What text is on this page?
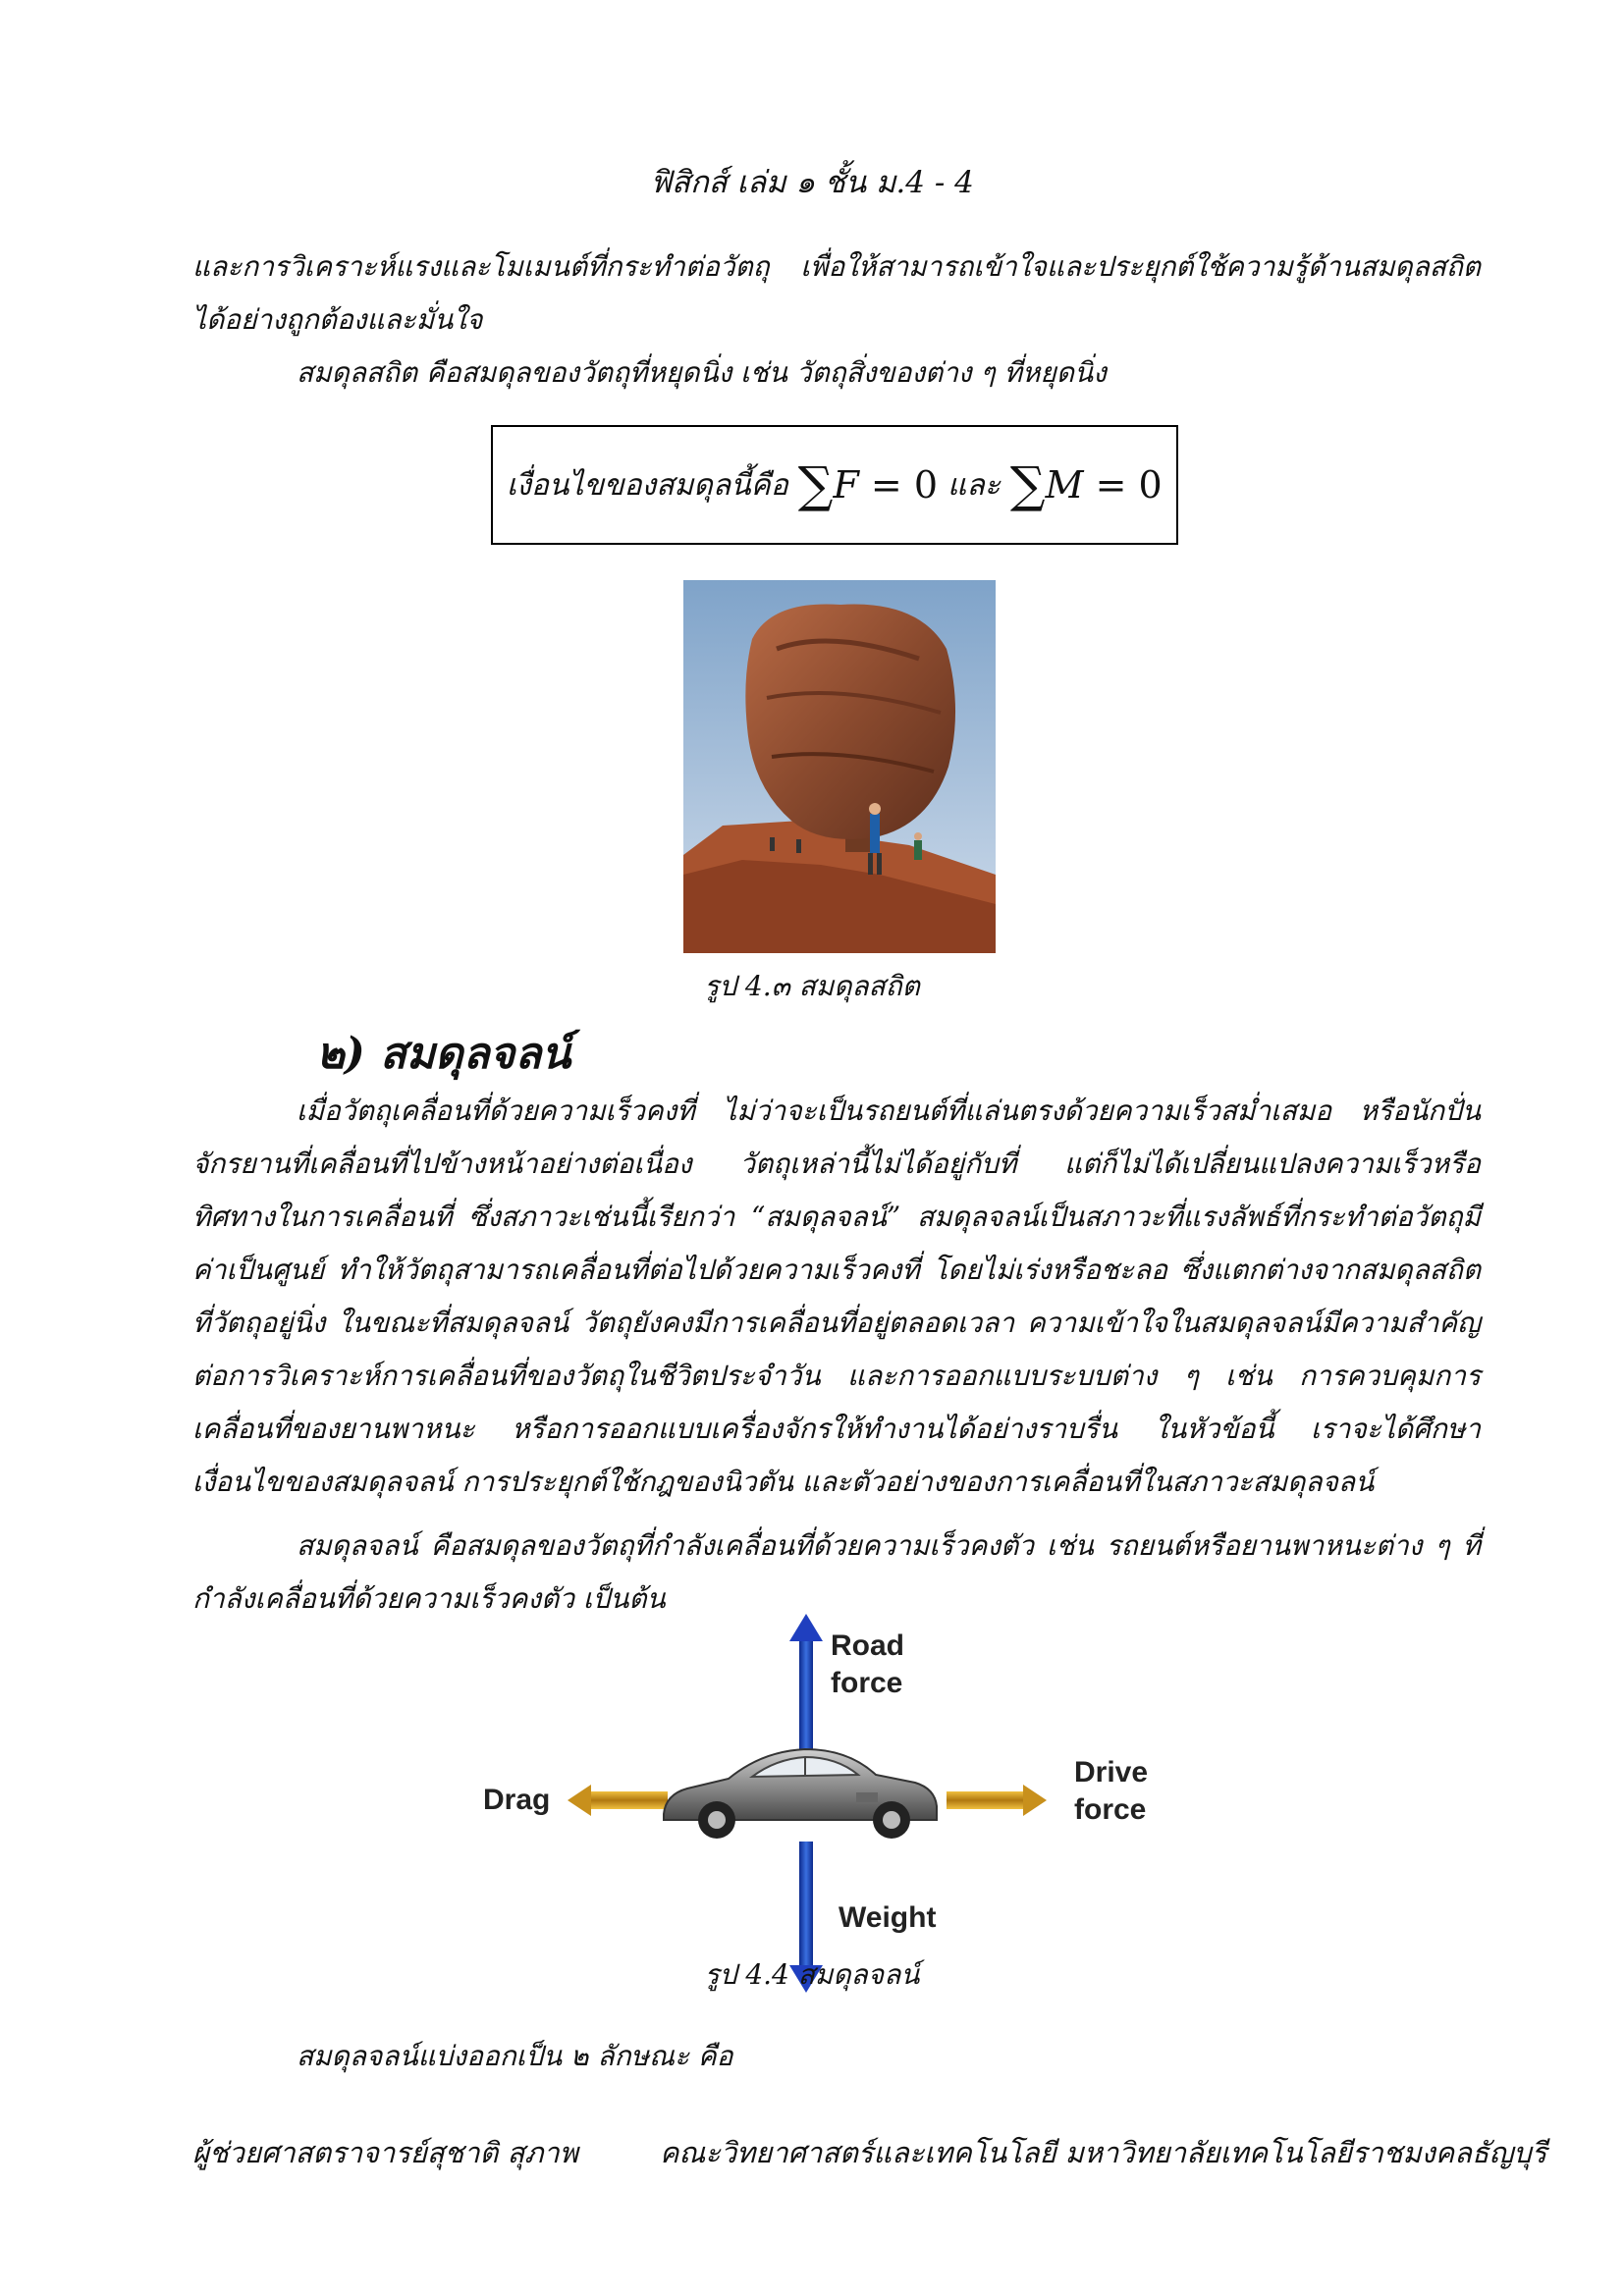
ฟิสิกส์ เล่ม ๑ ชั้น ม.4 - 4

และการวิเคราะห์แรงและโมเมนต์ที่กระทำต่อวัตถุ เพื่อให้สามารถเข้าใจและประยุกต์ใช้ความรู้ด้านสมดุลสถิตได้อย่างถูกต้องและมั่นใจ

สมดุลสถิต คือสมดุลของวัตถุที่หยุดนิ่ง เช่น วัตถุสิ่งของต่าง ๆ ที่หยุดนิ่ง

เงื่อนไขของสมดุลนี้คือ ∑F = 0 และ ∑M = 0
รูป 4.๓ สมดุลสถิต
๒) สมดุลจลน์

เมื่อวัตถุเคลื่อนที่ด้วยความเร็วคงที่ ไม่ว่าจะเป็นรถยนต์ที่แล่นตรงด้วยความเร็วสม่ำเสมอ หรือนักปั่นจักรยานที่เคลื่อนที่ไปข้างหน้าอย่างต่อเนื่อง วัตถุเหล่านี้ไม่ได้อยู่กับที่ แต่ก็ไม่ได้เปลี่ยนแปลงความเร็วหรือทิศทางในการเคลื่อนที่ ซึ่งสภาวะเช่นนี้เรียกว่า “สมดุลจลน์” สมดุลจลน์เป็นสภาวะที่แรงลัพธ์ที่กระทำต่อวัตถุมีค่าเป็นศูนย์ ทำให้วัตถุสามารถเคลื่อนที่ต่อไปด้วยความเร็วคงที่ โดยไม่เร่งหรือชะลอ ซึ่งแตกต่างจากสมดุลสถิตที่วัตถุอยู่นิ่ง ในขณะที่สมดุลจลน์ วัตถุยังคงมีการเคลื่อนที่อยู่ตลอดเวลา ความเข้าใจในสมดุลจลน์มีความสำคัญต่อการวิเคราะห์การเคลื่อนที่ของวัตถุในชีวิตประจำวัน และการออกแบบระบบต่าง ๆ เช่น การควบคุมการเคลื่อนที่ของยานพาหนะ หรือการออกแบบเครื่องจักรให้ทำงานได้อย่างราบรื่น ในหัวข้อนี้ เราจะได้ศึกษาเงื่อนไขของสมดุลจลน์ การประยุกต์ใช้กฎของนิวตัน และตัวอย่างของการเคลื่อนที่ในสภาวะสมดุลจลน์

สมดุลจลน์ คือสมดุลของวัตถุที่กำลังเคลื่อนที่ด้วยความเร็วคงตัว เช่น รถยนต์หรือยานพาหนะต่าง ๆ ที่กำลังเคลื่อนที่ด้วยความเร็วคงตัว เป็นต้น

Road
force
Drag
Drive
force
Weight
รูป 4.4 สมดุลจลน์

สมดุลจลน์แบ่งออกเป็น ๒ ลักษณะ คือ

ผู้ช่วยศาสตราจารย์สุชาติ สุภาพ	คณะวิทยาศาสตร์และเทคโนโลยี มหาวิทยาลัยเทคโนโลยีราชมงคลธัญบุรี
